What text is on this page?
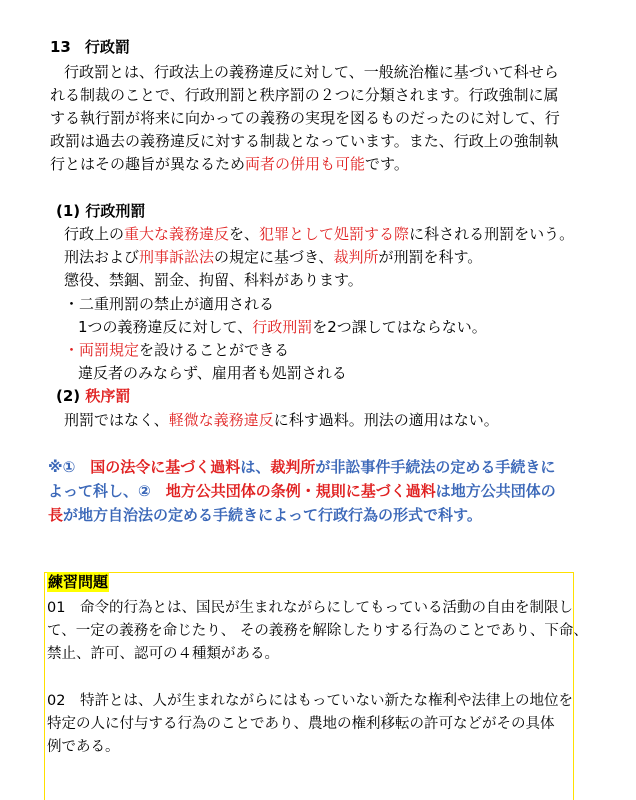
13 行政罰
行政罰とは、行政法上の義務違反に対して、一般統治権に基づいて科せら
れる制裁のことで、行政刑罰と秩序罰の２つに分類されます。行政強制に属
する執行罰が将来に向かっての義務の実現を図るものだったのに対して、行
政罰は過去の義務違反に対する制裁となっています。また、行政上の強制執
行とはその趣旨が異なるため両者の併用も可能です。
(1) 行政刑罰
行政上の重大な義務違反を、犯罪として処罰する際に科される刑罰をいう。
刑法および刑事訴訟法の規定に基づき、裁判所が刑罰を科す。
懲役、禁錮、罰金、拘留、科料があります。
・二重刑罰の禁止が適用される
1つの義務違反に対して、行政刑罰を2つ課してはならない。
・両罰規定を設けることができる
違反者のみならず、雇用者も処罰される
(2) 秩序罰
刑罰ではなく、軽微な義務違反に科す過料。刑法の適用はない。
※①　国の法令に基づく過料は、裁判所が非訟事件手続法の定める手続きに
よって科し、②　地方公共団体の条例・規則に基づく過料は地方公共団体の
長が地方自治法の定める手続きによって行政行為の形式で科す。
練習問題
01　命令的行為とは、国民が生まれながらにしてもっている活動の自由を制限し
て、一定の義務を命じたり、 その義務を解除したりする行為のことであり、下命、
禁止、許可、認可の４種類がある。
02　特許とは、人が生まれながらにはもっていない新たな権利や法律上の地位を
特定の人に付与する行為のことであり、農地の権利移転の許可などがその具体
例である。
